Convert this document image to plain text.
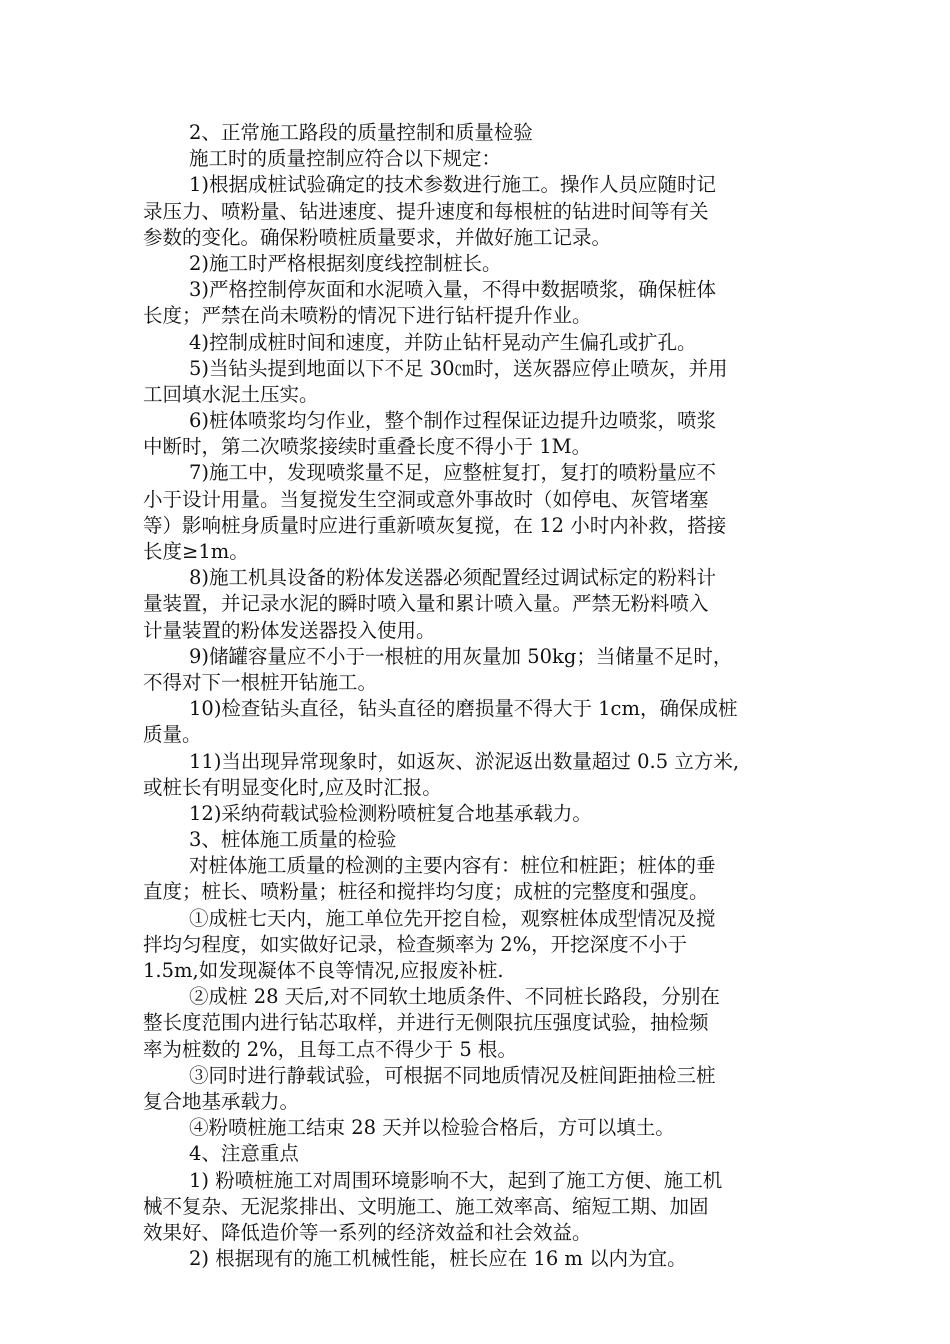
2、正常施工路段的质量控制和质量检验
施工时的质量控制应符合以下规定：
1)根据成桩试验确定的技术参数进行施工。操作人员应随时记
录压力、喷粉量、钻进速度、提升速度和每根桩的钻进时间等有关
参数的变化。确保粉喷桩质量要求，并做好施工记录。
2)施工时严格根据刻度线控制桩长。
3)严格控制停灰面和水泥喷入量，不得中数据喷浆，确保桩体
长度；严禁在尚未喷粉的情况下进行钻杆提升作业。
4)控制成桩时间和速度，并防止钻杆晃动产生偏孔或扩孔。
5)当钻头提到地面以下不足 30㎝时，送灰器应停止喷灰，并用
工回填水泥土压实。
6)桩体喷浆均匀作业，整个制作过程保证边提升边喷浆，喷浆
中断时，第二次喷浆接续时重叠长度不得小于 1M。
7)施工中，发现喷浆量不足，应整桩复打，复打的喷粉量应不
小于设计用量。当复搅发生空洞或意外事故时（如停电、灰管堵塞
等）影响桩身质量时应进行重新喷灰复搅，在 12 小时内补救，搭接
长度≥1m。
8)施工机具设备的粉体发送器必须配置经过调试标定的粉料计
量装置，并记录水泥的瞬时喷入量和累计喷入量。严禁无粉料喷入
计量装置的粉体发送器投入使用。
9)储罐容量应不小于一根桩的用灰量加 50kg；当储量不足时，
不得对下一根桩开钻施工。
10)检查钻头直径，钻头直径的磨损量不得大于 1cm，确保成桩
质量。
11)当出现异常现象时，如返灰、淤泥返出数量超过 0.5 立方米,
或桩长有明显变化时,应及时汇报。
12)采纳荷载试验检测粉喷桩复合地基承载力。
3、桩体施工质量的检验
对桩体施工质量的检测的主要内容有：桩位和桩距；桩体的垂
直度；桩长、喷粉量；桩径和搅拌均匀度；成桩的完整度和强度。
①成桩七天内，施工单位先开挖自检，观察桩体成型情况及搅
拌均匀程度，如实做好记录，检查频率为 2%，开挖深度不小于
1.5m,如发现凝体不良等情况,应报废补桩.
②成桩 28 天后,对不同软土地质条件、不同桩长路段，分别在
整长度范围内进行钻芯取样，并进行无侧限抗压强度试验，抽检频
率为桩数的 2%，且每工点不得少于 5 根。
③同时进行静载试验，可根据不同地质情况及桩间距抽检三桩
复合地基承载力。
④粉喷桩施工结束 28 天并以检验合格后，方可以填土。
4、注意重点
1) 粉喷桩施工对周围环境影响不大，起到了施工方便、施工机
械不复杂、无泥浆排出、文明施工、施工效率高、缩短工期、加固
效果好、降低造价等一系列的经济效益和社会效益。
2) 根据现有的施工机械性能，桩长应在 16 m 以内为宜。
